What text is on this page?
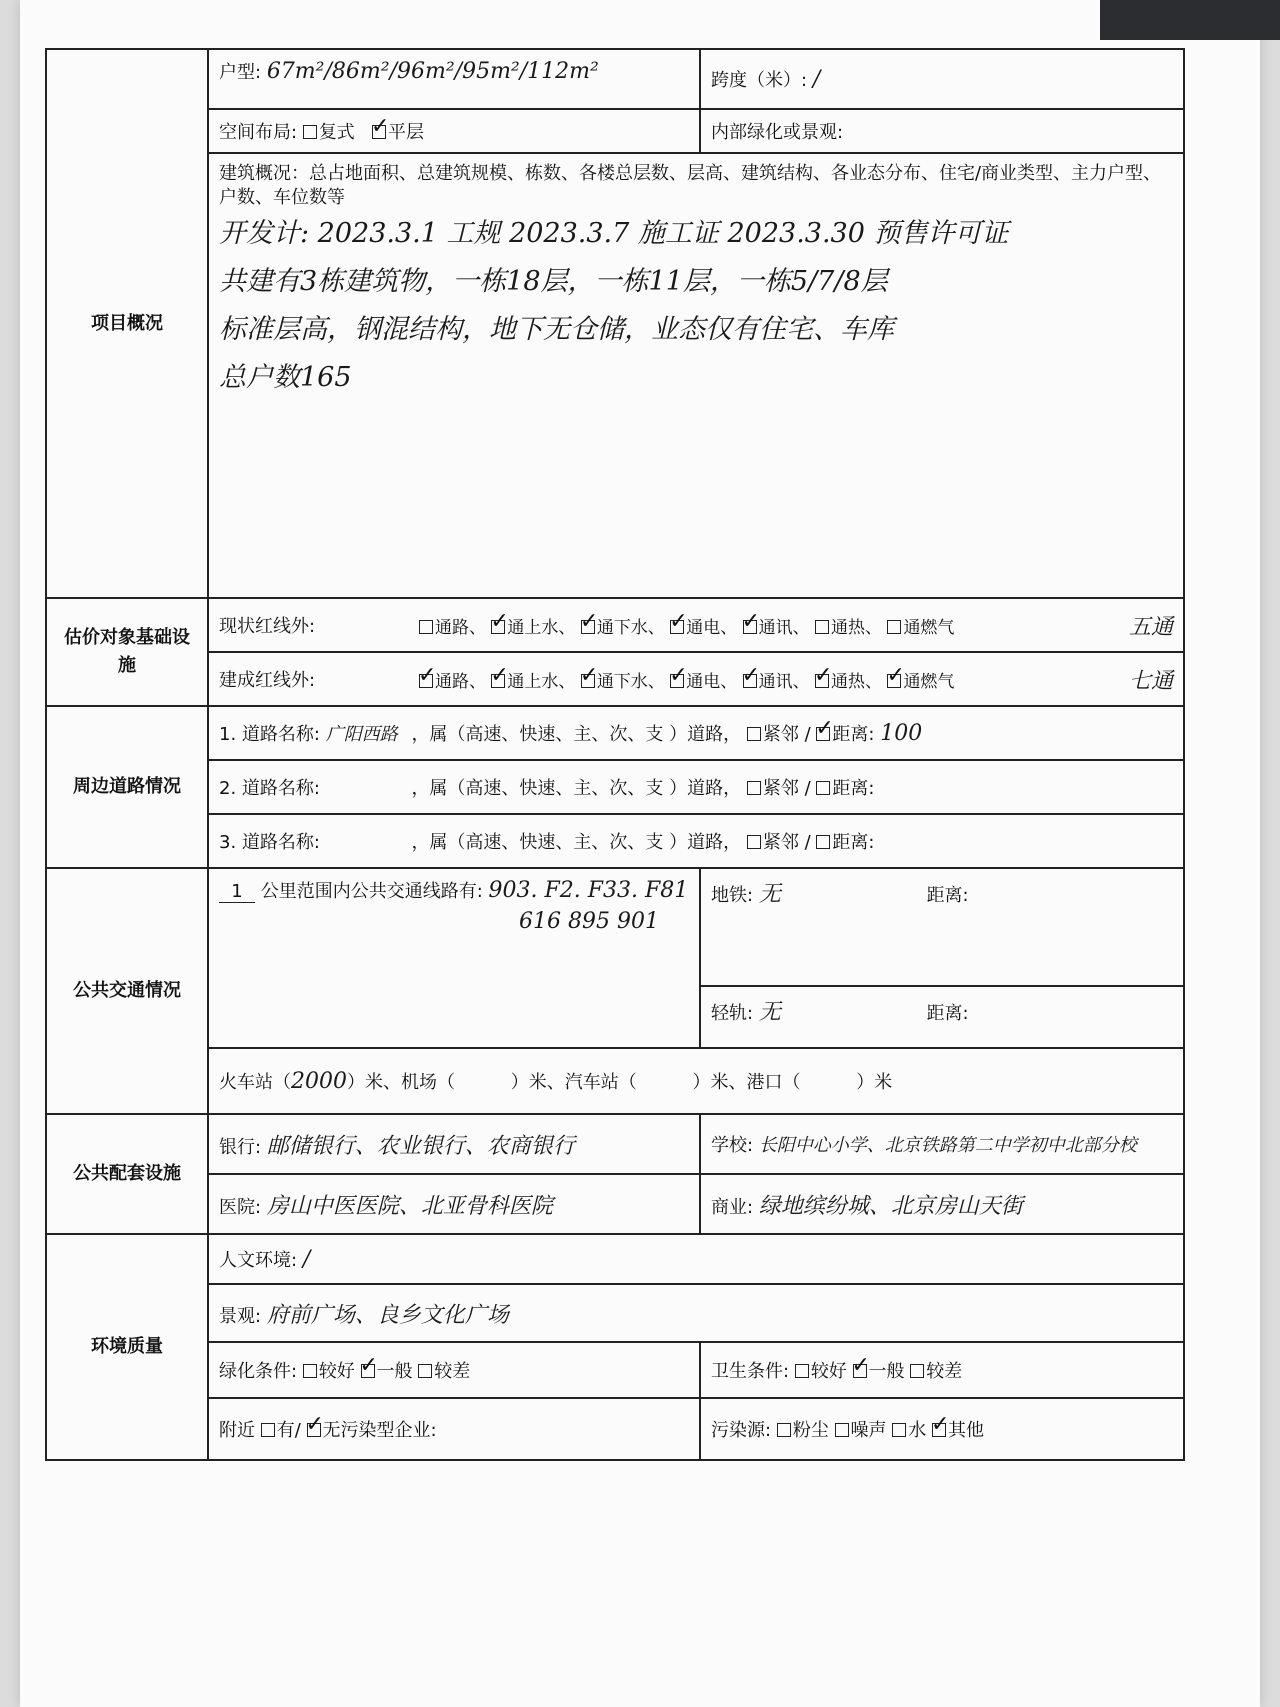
项目概况	户型: 67m²/86m²/96m²/95m²/112m²	跨度（米）: /
	空间布局: 复式 ✓ 平层	内部绿化或景观:

	建筑概况：总占地面积、总建筑规模、栋数、各楼总层数、层高、建筑结构、各业态分布、住宅/商业类型、主力户型、户数、车位数等
开发计: 2023.3.1 工规 2023.3.7 施工证 2023.3.30 预售许可证
共建有3栋建筑物，一栋18层，一栋11层，一栋5/7/8层
标准层高，钢混结构，地下无仓储，业态仅有住宅、车库
总户数165	

估价对象基础设施	现状红线外: 通路、 ✓ 通上水、 ✓ 通下水、 ✓ 通电、 ✓ 通讯、 通热、 通燃气 五通

	建成红线外: ✓ 通路、 ✓ 通上水、 ✓ 通下水、 ✓ 通电、 ✓ 通讯、 ✓ 通热、 ✓ 通燃气 七通

周边道路情况	1. 道路名称: 广阳西路 ，属（高速、快速、主、次、支 ）道路， 紧邻 / ✓距离: 100
	2. 道路名称: ，属（高速、快速、主、次、支 ）道路， 紧邻 / 距离:	
	3. 道路名称: ，属（高速、快速、主、次、支 ）道路， 紧邻 / 距离:	
公共交通情况	1 公里范围内公共交通线路有: 903. F2. F33. F81
616 895 901	地铁: 无 距离:
		轻轨: 无 距离:
	火车站（2000）米、机场（ ）米、汽车站（ ）米、港口（ ）米	
公共配套设施	银行: 邮储银行、农业银行、农商银行	学校: 长阳中心小学、北京铁路第二中学初中北部分校
	医院: 房山中医医院、北亚骨科医院	商业: 绿地缤纷城、北京房山天街
环境质量	人文环境: /	
	景观: 府前广场、良乡文化广场	
	绿化条件: 较好 ✓ 一般 较差	卫生条件: 较好 ✓ 一般 较差
	附近 有/ ✓ 无污染型企业:	污染源: 粉尘 噪声 水 ✓ 其他
